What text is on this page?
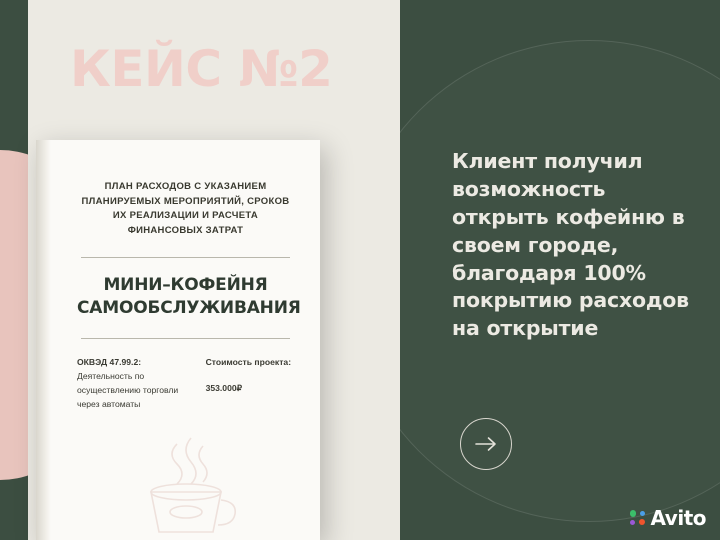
КЕЙС №2
ПЛАН РАСХОДОВ С УКАЗАНИЕМ ПЛАНИРУЕМЫХ МЕРОПРИЯТИЙ, СРОКОВ ИХ РЕАЛИЗАЦИИ И РАСЧЕТА ФИНАНСОВЫХ ЗАТРАТ
МИНИ–КОФЕЙНЯ САМООБСЛУЖИВАНИЯ
ОКВЭД 47.99.2:
Деятельность по осуществлению торговли через автоматы
Стоимость проекта:
353.000₽
Клиент получил возможность открыть кофейню в своем городе, благодаря 100% покрытию расходов на открытие
Avito
